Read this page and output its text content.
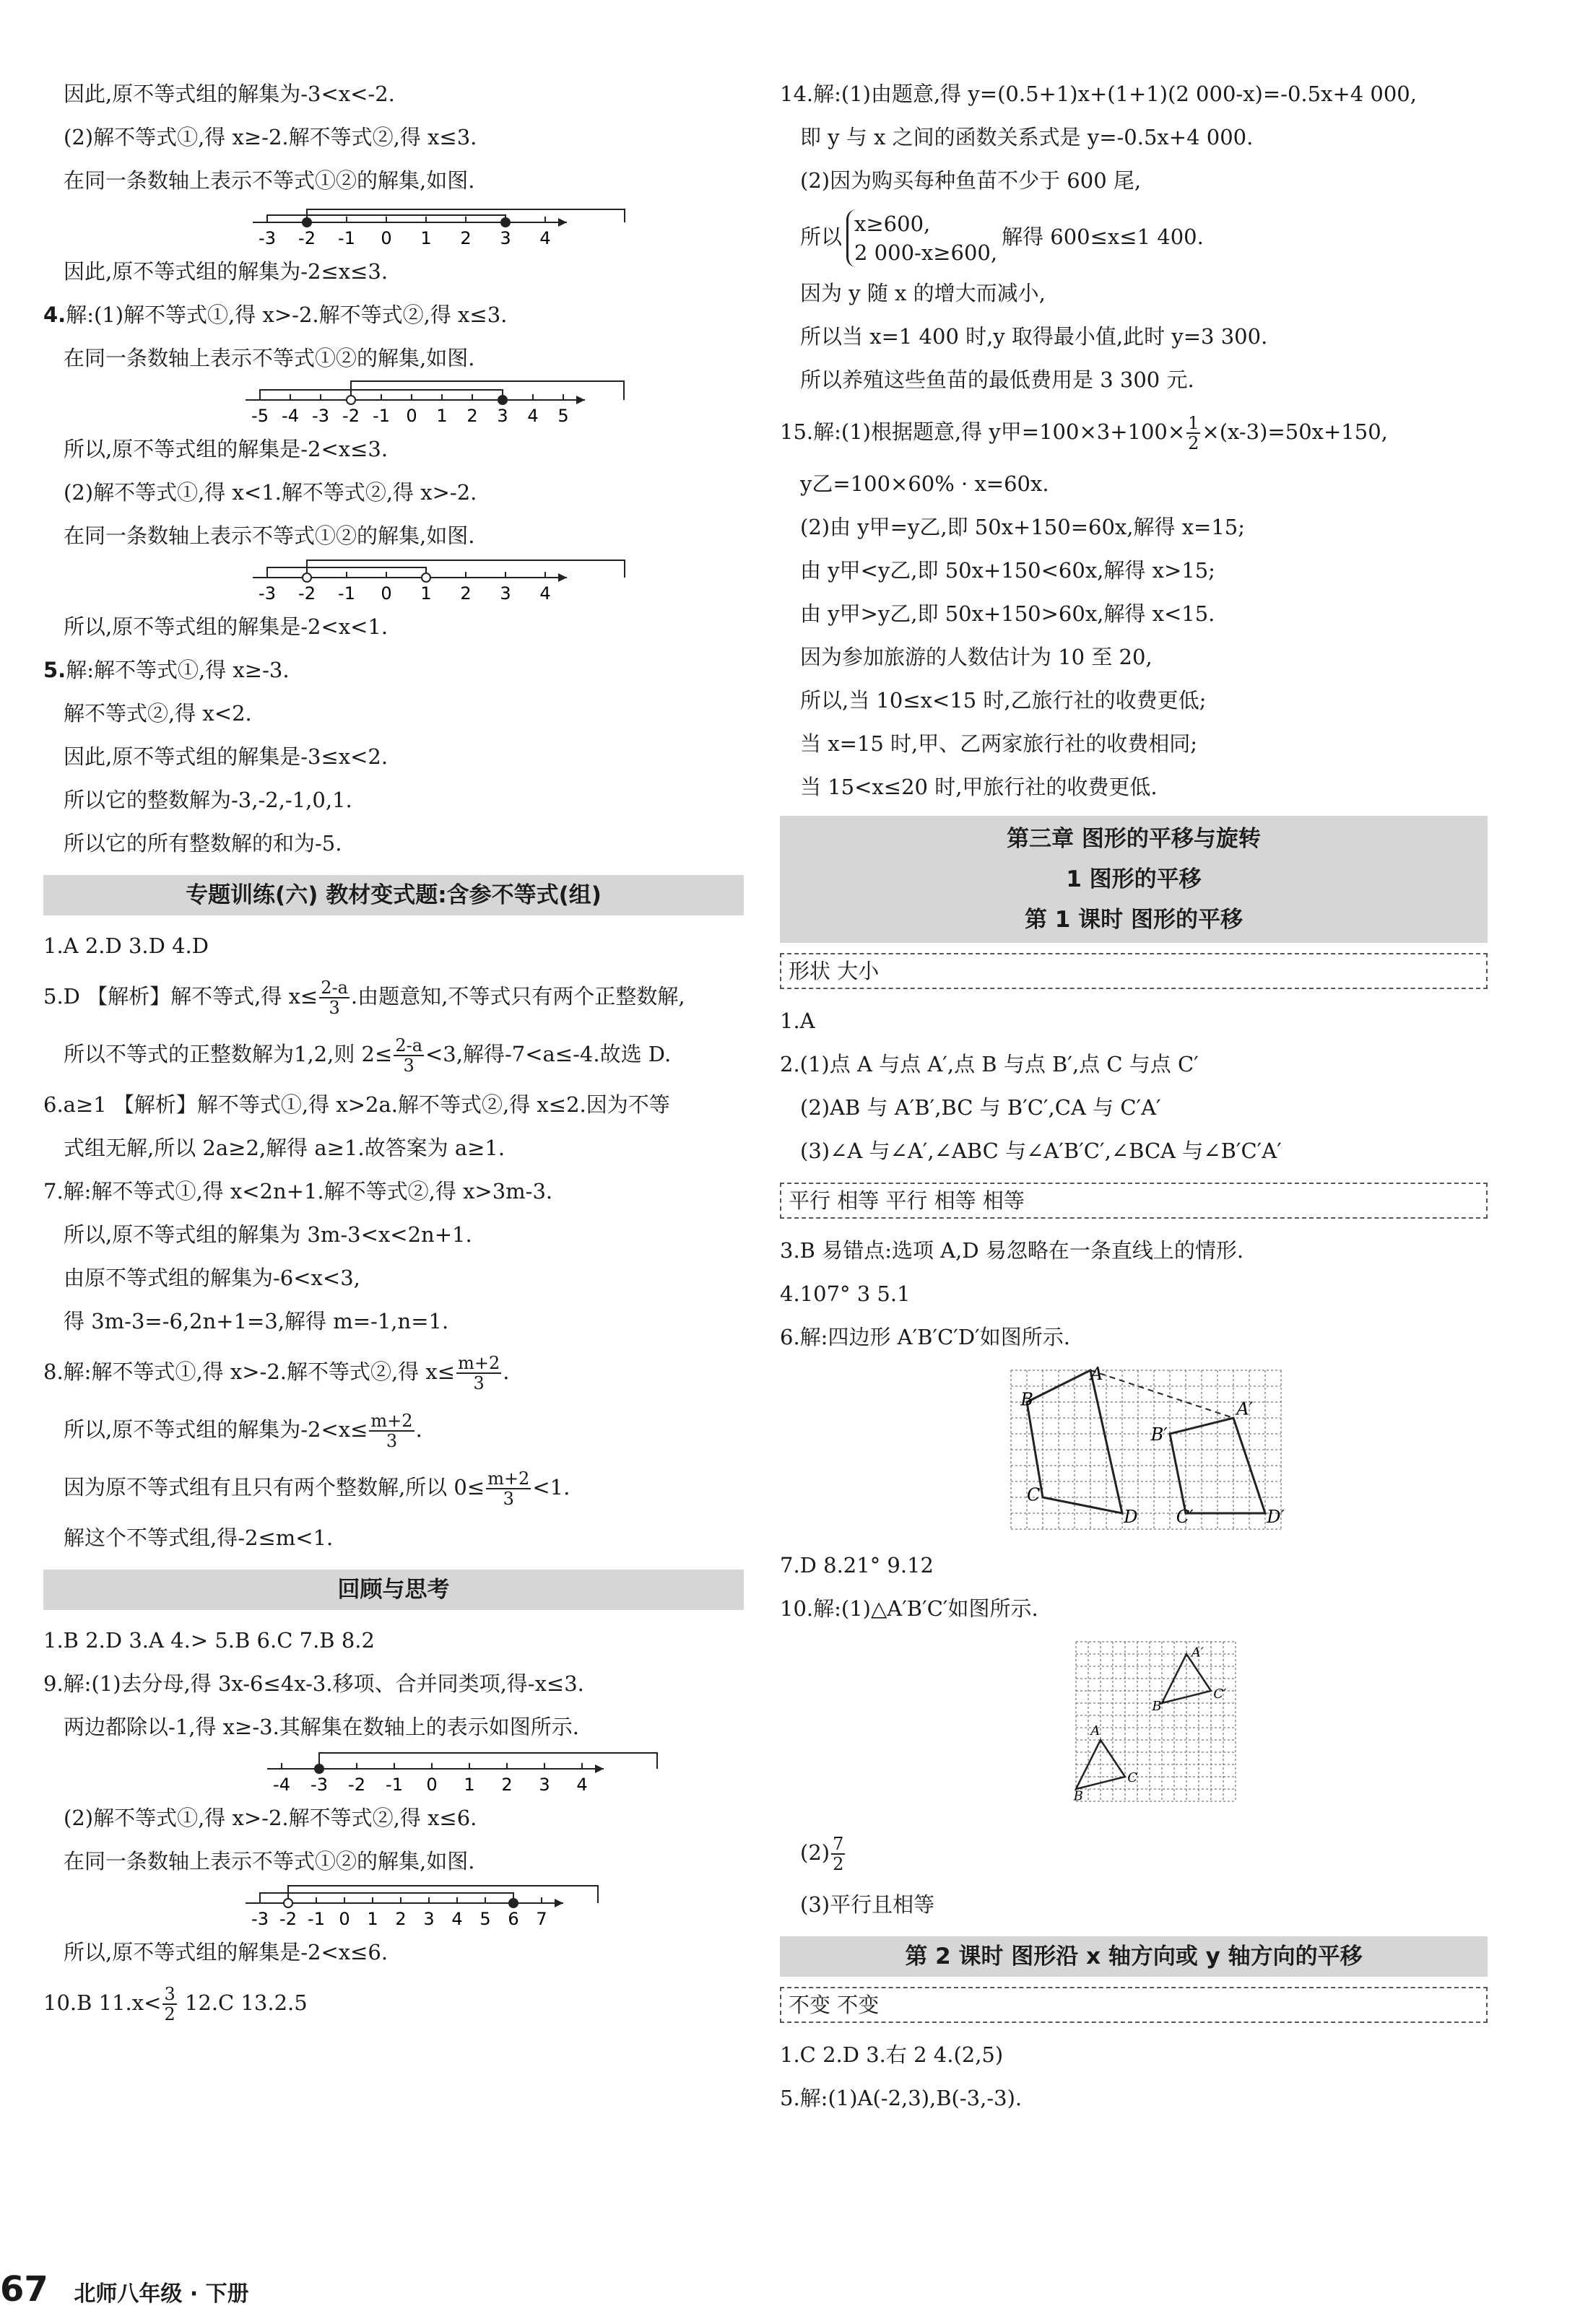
因此,原不等式组的解集为-3<x<-2.
(2)解不等式①,得 x≥-2.解不等式②,得 x≤3.
在同一条数轴上表示不等式①②的解集,如图.
-3 -2 -1 0 1 2 3 4
因此,原不等式组的解集为-2≤x≤3.
4.解:(1)解不等式①,得 x>-2.解不等式②,得 x≤3.
在同一条数轴上表示不等式①②的解集,如图.
-5 -4 -3 -2 -1 0 1 2 3 4 5
所以,原不等式组的解集是-2<x≤3.
(2)解不等式①,得 x<1.解不等式②,得 x>-2.
在同一条数轴上表示不等式①②的解集,如图.
-3 -2 -1 0 1 2 3 4
所以,原不等式组的解集是-2<x<1.
5.解:解不等式①,得 x≥-3.
解不等式②,得 x<2.
因此,原不等式组的解集是-3≤x<2.
所以它的整数解为-3,-2,-1,0,1.
所以它的所有整数解的和为-5.
专题训练(六) 教材变式题:含参不等式(组)
1.A 2.D 3.D 4.D
5.D 【解析】解不等式,得 $x\le \frac{2-a}{3}$ .由题意知,不等式只有两个正整数解,
所以不等式的正整数解为1,2,则 $2\le \frac{2-a}{3} <3$,解得-7<a≤-4.故选 D.
6.a≥1 【解析】解不等式①,得 x>2a.解不等式②,得 x≤2.因为不等
式组无解,所以 2a≥2,解得 a≥1.故答案为 a≥1.
7.解:解不等式①,得 x<2n+1.解不等式②,得 x>3m-3.
所以,原不等式组的解集为 3m-3<x<2n+1.
由原不等式组的解集为-6<x<3,
得 3m-3=-6,2n+1=3,解得 m=-1,n=1.
8.解:解不等式①,得 x>-2.解不等式②,得 $x\le \frac{m+2}{3}$ .
所以,原不等式组的解集为$-2<x\le \frac{m+2}{3}$ .
因为原不等式组有且只有两个整数解,所以 $0\le \frac{m+2}{3} <1$.
解这个不等式组,得-2≤m<1.
回顾与思考
1.B 2.D 3.A 4.> 5.B 6.C 7.B 8.2
9.解:(1)去分母,得 3x-6≤4x-3.移项、合并同类项,得-x≤3.
两边都除以-1,得 x≥-3.其解集在数轴上的表示如图所示.
-4 -3 -2 -1 0 1 2 3 4
(2)解不等式①,得 x>-2.解不等式②,得 x≤6.
在同一条数轴上表示不等式①②的解集,如图.
-3 -2 -1 0 1 2 3 4 5 6 7
所以,原不等式组的解集是-2<x≤6.
10.B $11.x< \frac{3}{2} 12.C$ 13.2.5
14.解:(1)由题意,得 y=(0.5+1)x+(1+1)(2 000-x)=-0.5x+4 000,
即 y 与 x 之间的函数关系式是 y=-0.5x+4 000.
(2)因为购买每种鱼苗不少于 600 尾,
所以
x≥600,
2 000-x≥600,
解得 600≤x≤1 400.
因为 y 随 x 的增大而减小,
所以当 x=1 400 时,y 取得最小值,此时 y=3 300.
所以养殖这些鱼苗的最低费用是 3 300 元.
15.解:(1)根据题意,得 y甲$=100\times 3+100\times \frac{1}{2} \times(x-3)=50x+150$,
y乙=100×60% · x=60x.
(2)由 y甲=y乙,即 50x+150=60x,解得 x=15;
由 y甲<y乙,即 50x+150<60x,解得 x>15;
由 y甲>y乙,即 50x+150>60x,解得 x<15.
因为参加旅游的人数估计为 10 至 20,
所以,当 10≤x<15 时,乙旅行社的收费更低;
当 x=15 时,甲、乙两家旅行社的收费相同;
当 15<x≤20 时,甲旅行社的收费更低.
第三章 图形的平移与旋转
1 图形的平移
第 1 课时 图形的平移
形状 大小
1.A
2.(1)点 A 与点 A′,点 B 与点 B′,点 C 与点 C′
(2)AB 与 A′B′,BC 与 B′C′,CA 与 C′A′
(3)∠A 与∠A′,∠ABC 与∠A′B′C′,∠BCA 与∠B′C′A′
平行 相等 平行 相等 相等
3.B 易错点:选项 A,D 易忽略在一条直线上的情形.
4.107° 3 5.1
6.解:四边形 A′B′C′D′如图所示.
A
B
C
D
A′
B′
C′	D′
7.D 8.21° 9.12
10.解:(1)△A′B′C′如图所示.
A
B
C
A′
B′
C′
$(2) \frac{7}{2}$
(3)平行且相等
第 2 课时 图形沿 x 轴方向或 y 轴方向的平移
不变 不变
1.C 2.D 3.右 2 4.(2,5)
5.解:(1)A(-2,3),B(-3,-3).
67 北师八年级 · 下册
